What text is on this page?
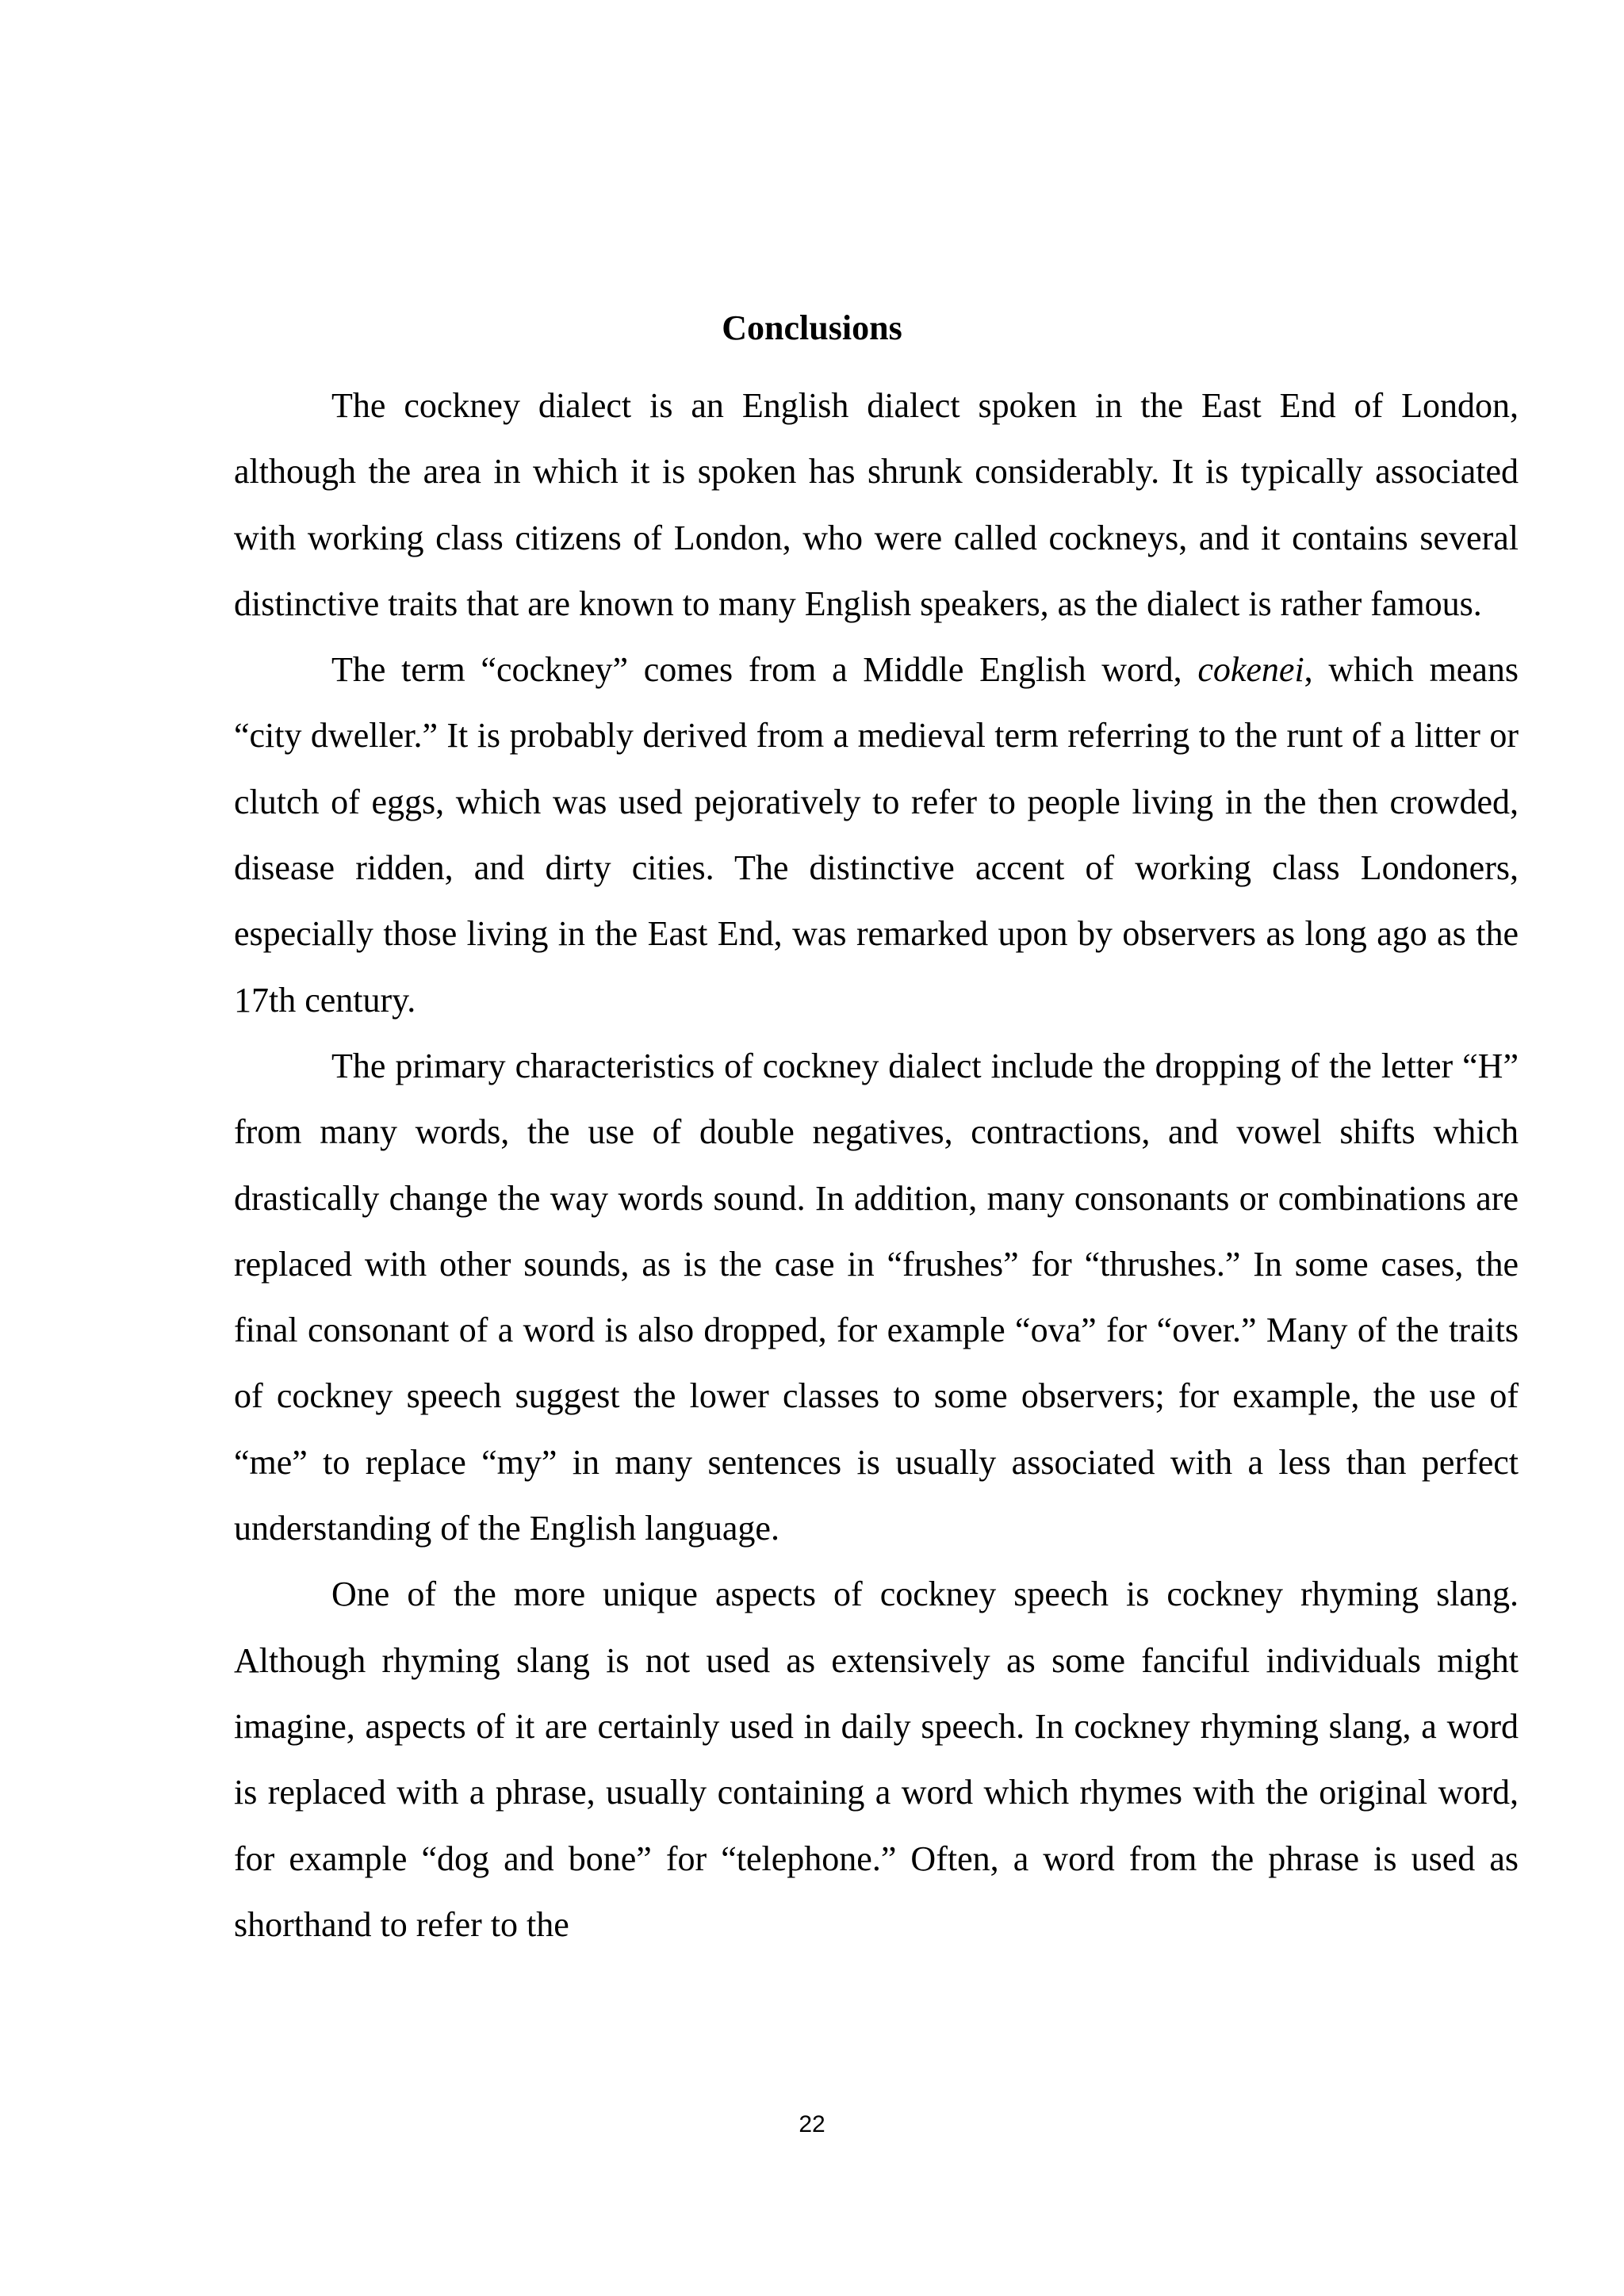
Conclusions

The cockney dialect is an English dialect spoken in the East End of London, although the area in which it is spoken has shrunk considerably. It is typically associated with working class citizens of London, who were called cockneys, and it contains several distinctive traits that are known to many English speakers, as the dialect is rather famous.

The term “cockney” comes from a Middle English word, cokenei, which means “city dweller.” It is probably derived from a medieval term referring to the runt of a litter or clutch of eggs, which was used pejoratively to refer to people living in the then crowded, disease ridden, and dirty cities. The distinctive accent of working class Londoners, especially those living in the East End, was remarked upon by observers as long ago as the 17th century.

The primary characteristics of cockney dialect include the dropping of the letter “H” from many words, the use of double negatives, contractions, and vowel shifts which drastically change the way words sound. In addition, many consonants or combinations are replaced with other sounds, as is the case in “frushes” for “thrushes.” In some cases, the final consonant of a word is also dropped, for example “ova” for “over.” Many of the traits of cockney speech suggest the lower classes to some observers; for example, the use of “me” to replace “my” in many sentences is usually associated with a less than perfect understanding of the English language.

One of the more unique aspects of cockney speech is cockney rhyming slang. Although rhyming slang is not used as extensively as some fanciful individuals might imagine, aspects of it are certainly used in daily speech. In cockney rhyming slang, a word is replaced with a phrase, usually containing a word which rhymes with the original word, for example “dog and bone” for “telephone.” Often, a word from the phrase is used as shorthand to refer to the

22
